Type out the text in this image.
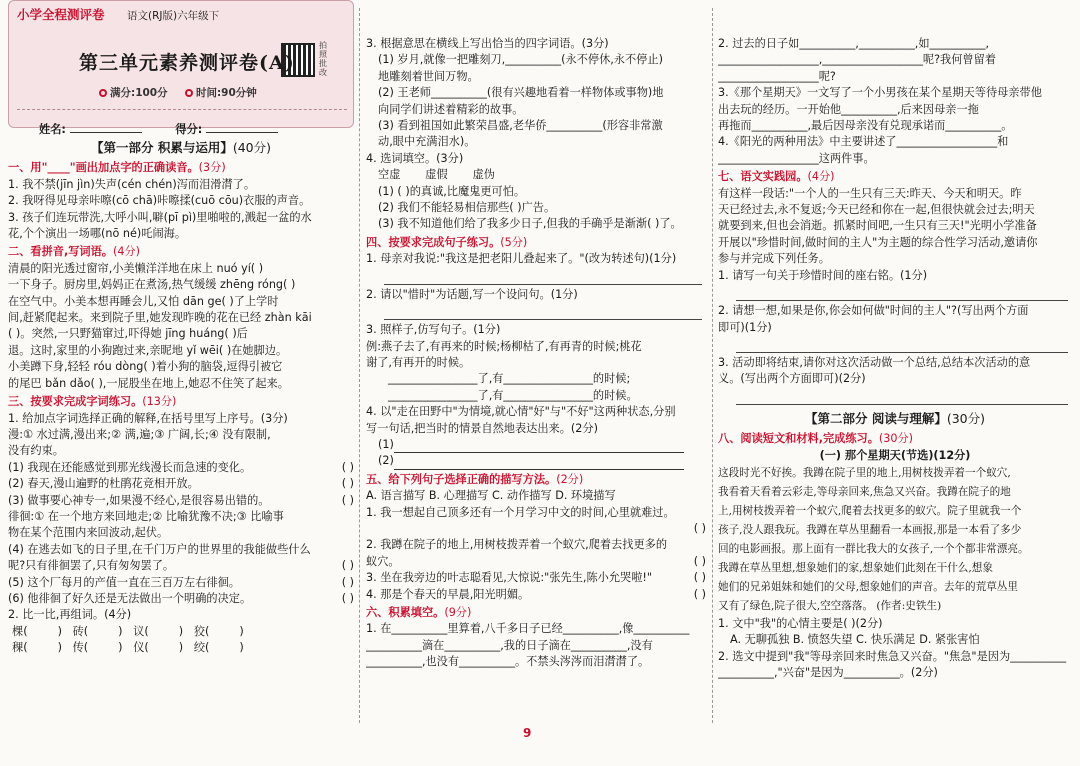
小学全程测评卷 语文(RJ版)六年级下
拍照批改
第三单元素养测评卷(A)
满分:100分	时间:90分钟
姓名:	得分:
【第一部分 积累与运用】(40分)
一、用"____"画出加点字的正确读音。(3分)

1. 我不禁(jīn jìn)失声(cén chén)泻而泪滑潸了。

2. 我呀得见母亲咔嚓(cō chā)咔嚓揉(cuō cōu)衣服的声音。

3. 孩子们连玩带洗,大呼小叫,噼(pī pì)里啪啦的,溅起一盆的水

花,个个演出一场哪(nō né)吒闹海。

二、看拼音,写词语。(4分)

清晨的阳光透过窗帘,小美懒洋洋地在床上 nuó yí( )

一下身子。厨房里,妈妈正在煮汤,热气缓缓 zhēng róng( )

在空气中。小美本想再睡会儿,又怕 dān ge( )了上学时

间,赶紧爬起来。来到院子里,她发现昨晚的花在已经 zhàn kāi

( )。突然,一只野猫窜过,吓得她 jīng huáng( )后

退。这时,家里的小狗跑过来,亲昵地 yǐ wēi( )在她脚边。

小美蹲下身,轻轻 róu dòng( )着小狗的脑袋,逗得引被它

的尾巴 bǎn dǎo( ),一屁股坐在地上,她忍不住笑了起来。

三、按要求完成字词练习。(13分)

1. 给加点字词选择正确的解释,在括号里写上序号。(3分)

漫:① 水过满,漫出来;② 满,遍;③ 广阔,长;④ 没有限制,

没有约束。

(1) 我现在还能感觉到那光线漫长而急速的变化。	( )

(2) 春天,漫山遍野的杜鹃花竞相开放。	( )

(3) 做事要心神专一,如果漫不经心,是很容易出错的。	( )

徘徊:① 在一个地方来回地走;② 比喻犹豫不决;③ 比喻事

物在某个范围内来回波动,起伏。

(4) 在逃去如飞的日子里,在千门万户的世界里的我能做些什么

呢?只有徘徊罢了,只有匆匆罢了。	( )

(5) 这个厂每月的产值一直在三百万左右徘徊。	( )

(6) 他徘徊了好久还是无法做出一个明确的决定。	( )

2. 比一比,再组词。(4分)

棵(	) 砖(	) 议(	) 狡(	)

稞(	) 传(	) 仪(	) 绞(	)

3. 根据意思在横线上写出恰当的四字词语。(3分)

(1) 岁月,就像一把雕刻刀,__________(永不停休,永不停止)

地雕刻着世间万物。

(2) 王老师__________(很有兴趣地看着一样物体或事物)地

向同学们讲述着精彩的故事。

(3) 看到祖国如此繁荣昌盛,老华侨__________(形容非常激

动,眼中充满泪水)。

4. 选词填空。(3分)

空虚 虚假 虚伪

(1) ( )的真诚,比魔鬼更可怕。

(2) 我们不能轻易相信那些( )广告。

(3) 我不知道他们给了我多少日子,但我的手确乎是渐渐( )了。

四、按要求完成句子练习。(5分)

1. 母亲对我说:"我这是把老阳儿叠起来了。"(改为转述句)(1分)

2. 请以"惜时"为话题,写一个设问句。(1分)

3. 照样子,仿写句子。(1分)

例:燕子去了,有再来的时候;杨柳枯了,有再青的时候;桃花

谢了,有再开的时候。

________________了,有________________的时候;

________________了,有________________的时候。

4. 以"走在田野中"为情境,就心情"好"与"不好"这两种状态,分别

写一句话,把当时的情景自然地表达出来。(2分)

(1)

(2)

五、给下列句子选择正确的描写方法。(2分)

A. 语言描写 B. 心理描写 C. 动作描写 D. 环境描写

1. 我一想起自己顶多还有一个月学习中文的时间,心里就难过。

( )

2. 我蹲在院子的地上,用树枝拨弄着一个蚁穴,爬着去找更多的

蚁穴。	( )

3. 坐在我旁边的叶志聪看见,大惊说:"张先生,陈小允哭啦!"	( )

4. 那是个春天的早晨,阳光明媚。	( )

六、积累填空。(9分)

1. 在__________里算着,八千多日子已经__________,像__________

__________滴在__________,我的日子滴在__________,没有

__________,也没有__________。不禁头涔涔而泪潸潸了。

2. 过去的日子如__________,__________,如__________,

__________________,__________________呢?我何曾留着

__________________呢?

3.《那个星期天》一文写了一个小男孩在某个星期天等待母亲带他

出去玩的经历。一开始他__________,后来因母亲一拖

再拖而__________,最后因母亲没有兑现承诺而__________。

4.《阳光的两种用法》中主要讲述了__________________和

__________________这两件事。

七、语文实践园。(4分)

有这样一段话:"一个人的一生只有三天:昨天、今天和明天。昨

天已经过去,永不复返;今天已经和你在一起,但很快就会过去;明天

就要到来,但也会消逝。抓紧时间吧,一生只有三天!"光明小学准备

开展以"珍惜时间,做时间的主人"为主题的综合性学习活动,邀请你

参与并完成下列任务。

1. 请写一句关于珍惜时间的座右铭。(1分)

2. 请想一想,如果是你,你会如何做"时间的主人"?(写出两个方面

即可)(1分)

3. 活动即将结束,请你对这次活动做一个总结,总结本次活动的意

义。(写出两个方面即可)(2分)

【第二部分 阅读与理解】(30分)
八、阅读短文和材料,完成练习。(30分)

(一) 那个星期天(节选)(12分)

这段时光不好挨。我蹲在院子里的地上,用树枝拨弄着一个蚁穴,

我看着天看着云彩走,等母亲回来,焦急又兴奋。我蹲在院子的地

上,用树枝拨弄着一个蚁穴,爬着去找更多的蚁穴。院子里就我一个

孩子,没人跟我玩。我蹲在草丛里翻看一本画报,那是一本看了多少

回的电影画报。那上面有一群比我大的女孩子,一个个都非常漂亮。

我蹲在草丛里想,想象她们的家,想象她们此刻在干什么,想象

她们的兄弟姐妹和她们的父母,想象她们的声音。去年的荒草丛里

又有了绿色,院子很大,空空落落。 (作者:史铁生)

1. 文中"我"的心情主要是( )(2分)

A. 无聊孤独 B. 愤怒失望 C. 快乐满足 D. 紧张害怕

2. 选文中提到"我"等母亲回来时焦急又兴奋。"焦急"是因为__________

__________,"兴奋"是因为__________。(2分)

9
